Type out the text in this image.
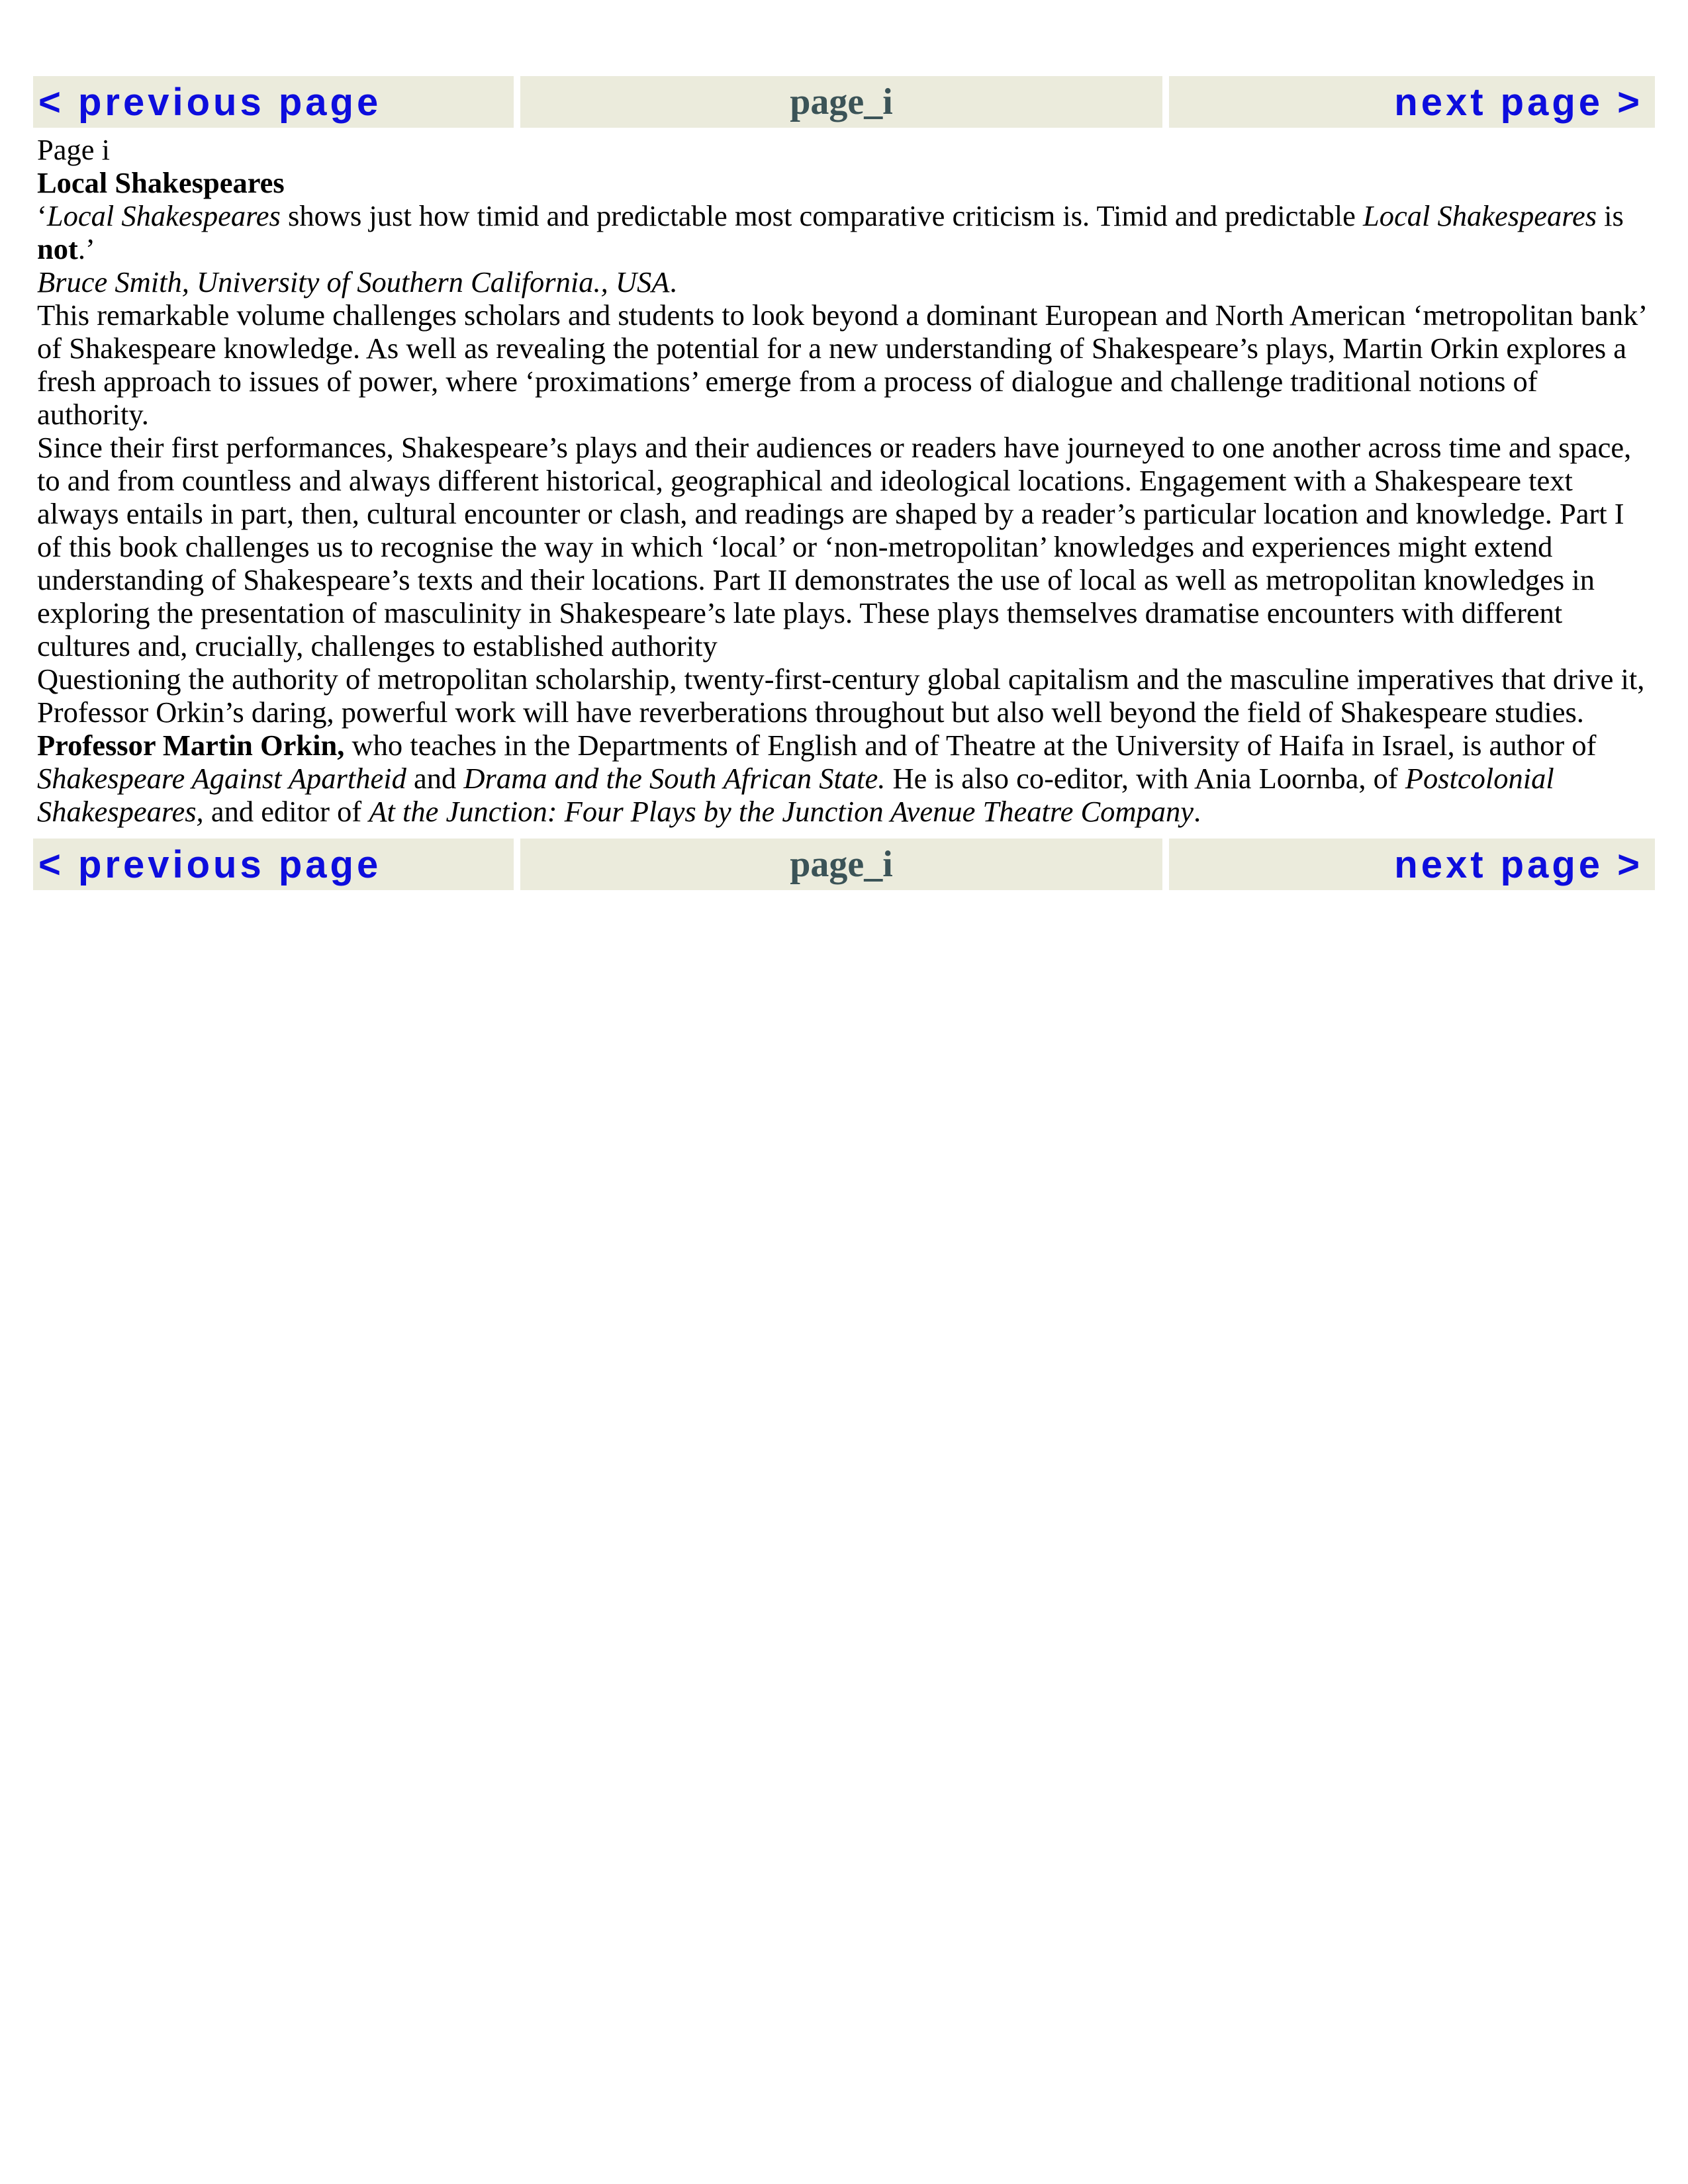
< previous page	page_i	next page >

Page i

Local Shakespeares

‘Local Shakespeares shows just how timid and predictable most comparative criticism is. Timid and predictable Local Shakespeares is not.’

Bruce Smith, University of Southern California., USA.

This remarkable volume challenges scholars and students to look beyond a dominant European and North American ‘metropolitan bank’ of Shakespeare knowledge. As well as revealing the potential for a new understanding of Shakespeare’s plays, Martin Orkin explores a fresh approach to issues of power, where ‘proximations’ emerge from a process of dialogue and challenge traditional notions of authority.

Since their first performances, Shakespeare’s plays and their audiences or readers have journeyed to one another across time and space, to and from countless and always different historical, geographical and ideological locations. Engagement with a Shakespeare text always entails in part, then, cultural encounter or clash, and readings are shaped by a reader’s particular location and knowledge. Part I of this book challenges us to recognise the way in which ‘local’ or ‘non-metropolitan’ knowledges and experiences might extend understanding of Shakespeare’s texts and their locations. Part II demonstrates the use of local as well as metropolitan knowledges in exploring the presentation of masculinity in Shakespeare’s late plays. These plays themselves dramatise encounters with different cultures and, crucially, challenges to established authority

Questioning the authority of metropolitan scholarship, twenty-first-century global capitalism and the masculine imperatives that drive it, Professor Orkin’s daring, powerful work will have reverberations throughout but also well beyond the field of Shakespeare studies.

Professor Martin Orkin, who teaches in the Departments of English and of Theatre at the University of Haifa in Israel, is author of Shakespeare Against Apartheid and Drama and the South African State. He is also co-editor, with Ania Loornba, of Postcolonial Shakespeares, and editor of At the Junction: Four Plays by the Junction Avenue Theatre Company.

< previous page	page_i	next page >
